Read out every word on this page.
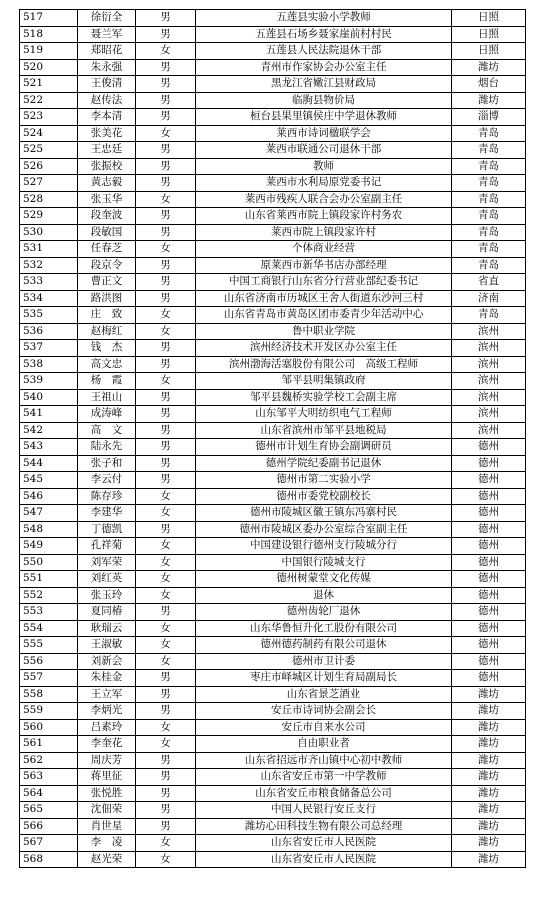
517	徐衍全	男	五莲县实验小学教师	日照
518	聂兰军	男	五莲县石场乡聂家崖前村村民	日照
519	郑昭花	女	五莲县人民法院退休干部	日照
520	朱永强	男	青州市作家协会办公室主任	潍坊
521	王俊清	男	黑龙江省嫩江县财政局	烟台
522	赵传法	男	临朐县物价局	潍坊
523	李本清	男	桓台县果里镇侯庄中学退休教师	淄博
524	张美花	女	莱西市诗词楹联学会	青岛
525	王忠廷	男	莱西市联通公司退休干部	青岛
526	张振校	男	教师	青岛
527	黄志毅	男	莱西市水利局原党委书记	青岛
528	张玉华	女	莱西市残疾人联合会办公室副主任	青岛
529	段奎波	男	山东省莱西市院上镇段家许村务农	青岛
530	段敏国	男	莱西市院上镇段家许村	青岛
531	任春芝	女	个体商业经营	青岛
532	段京令	男	原莱西市新华书店办部经理	青岛
533	曹正文	男	中国工商银行山东省分行营业部纪委书记	省直
534	路洪图	男	山东省济南市历城区王舍人街道东沙河三村	济南
535	庄　致	女	山东省青岛市黄岛区团市委青少年活动中心	青岛
536	赵梅红	女	鲁中职业学院	滨州
537	钱　杰	男	滨州经济技术开发区办公室主任	滨州
538	高文忠	男	滨州渤海活塞股份有限公司　高级工程师	滨州
539	杨　霞	女	邹平县明集镇政府	滨州
540	王祖山	男	邹平县魏桥实验学校工会副主席	滨州
541	成涛峰	男	山东邹平大明纺织电气工程师	滨州
542	高　文	男	山东省滨州市邹平县地税局	滨州
543	陆永先	男	德州市计划生育协会副调研员	德州
544	张子和	男	德州学院纪委副书记退休	德州
545	李云付	男	德州市第二实验小学	德州
546	陈存珍	女	德州市委党校副校长	德州
547	李建华	女	德州市陵城区徽王镇东冯寨村民	德州
548	丁德凯	男	德州市陵城区委办公室综合室副主任	德州
549	孔祥菊	女	中国建设银行德州支行陵城分行	德州
550	刘军荣	女	中国银行陵城支行	德州
551	刘红英	女	德州树蒙堂文化传媒	德州
552	张玉玲	女	退休	德州
553	夏同椿	男	德州齿轮厂退休	德州
554	耿瑞云	女	山东华鲁恒升化工股份有限公司	德州
555	王淑敏	女	德州德药制药有限公司退休	德州
556	刘新会	女	德州市卫计委	德州
557	朱桂金	男	枣庄市峄城区计划生育局副局长	德州
558	王立军	男	山东省景芝酒业	潍坊
559	李炳光	男	安丘市诗词协会副会长	潍坊
560	吕素玲	女	安丘市自来水公司	潍坊
561	李奎花	女	自由职业者	潍坊
562	周庆芳	男	山东省招远市齐山镇中心初中教师	潍坊
563	蒋里征	男	山东省安丘市第一中学教师	潍坊
564	张悦胜	男	山东省安丘市粮食储备总公司	潍坊
565	沈佃荣	男	中国人民银行安丘支行	潍坊
566	肖世星	男	潍坊心田科技生物有限公司总经理	潍坊
567	李　凌	女	山东省安丘市人民医院	潍坊
568	赵光荣	女	山东省安丘市人民医院	潍坊
